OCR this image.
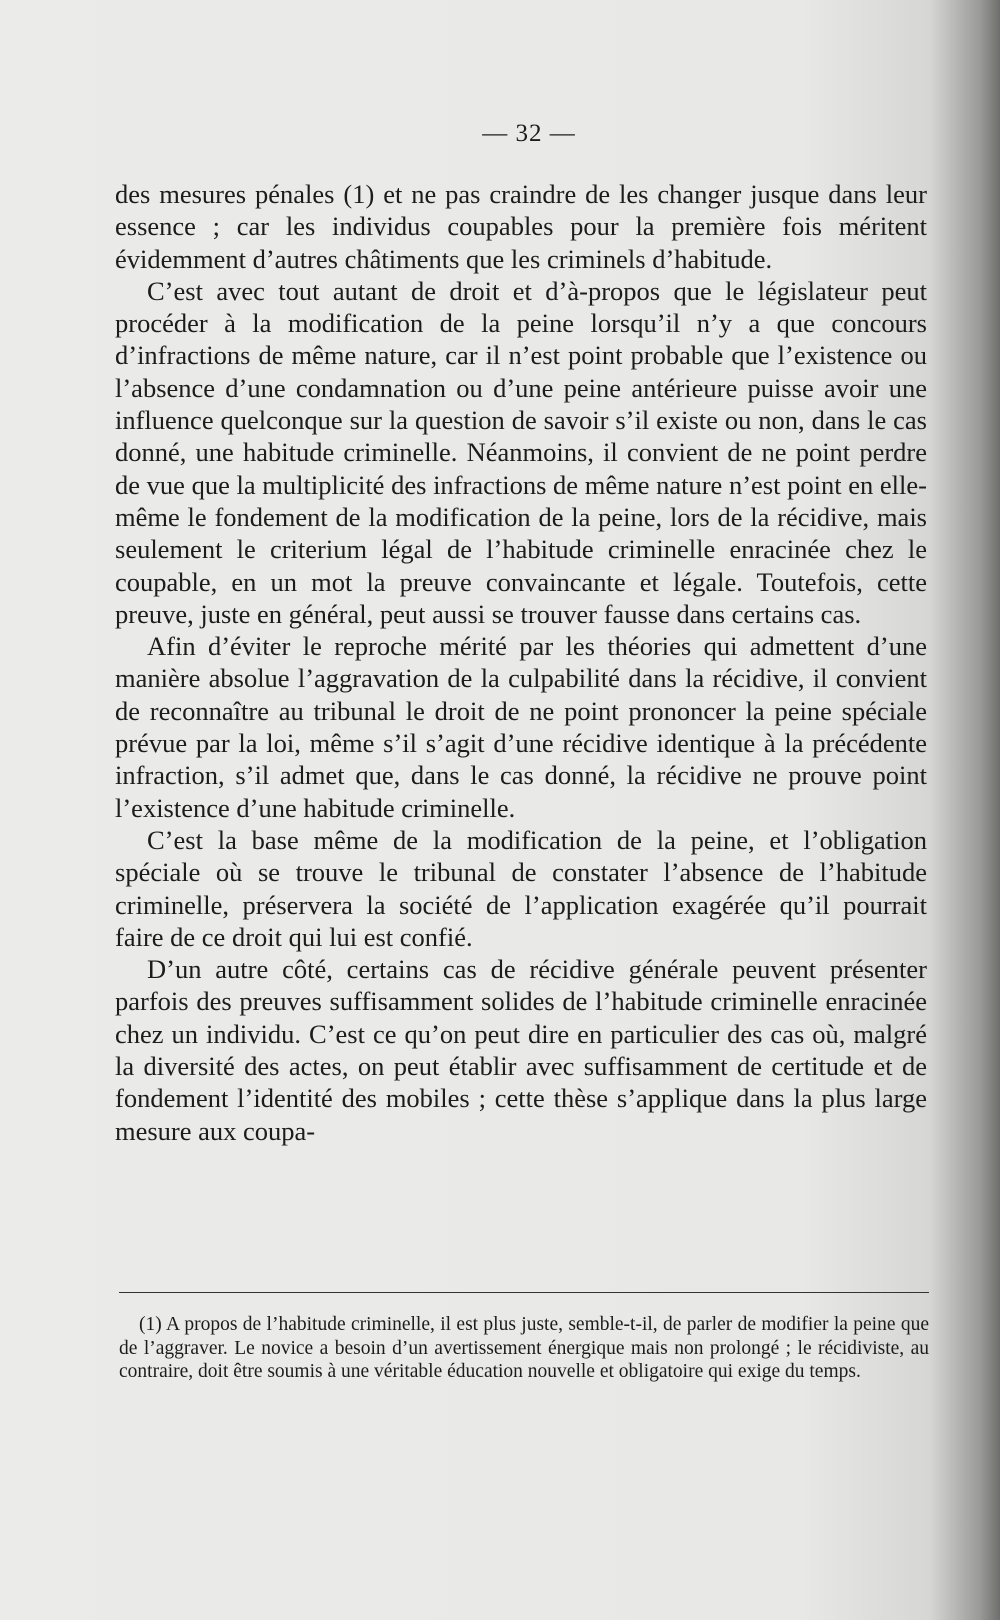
— 32 —

des mesures pénales (1) et ne pas craindre de les changer jusque dans leur essence ; car les individus coupables pour la première fois méritent évidemment d’autres châtiments que les criminels d’habitude.

C’est avec tout autant de droit et d’à-propos que le législateur peut procéder à la modification de la peine lorsqu’il n’y a que concours d’infractions de même nature, car il n’est point probable que l’existence ou l’absence d’une condamnation ou d’une peine antérieure puisse avoir une influence quelconque sur la question de savoir s’il existe ou non, dans le cas donné, une habitude criminelle. Néanmoins, il convient de ne point perdre de vue que la multiplicité des infractions de même nature n’est point en elle-même le fondement de la modification de la peine, lors de la récidive, mais seulement le criterium légal de l’habitude criminelle enracinée chez le coupable, en un mot la preuve convaincante et légale. Toutefois, cette preuve, juste en général, peut aussi se trouver fausse dans certains cas.

Afin d’éviter le reproche mérité par les théories qui admettent d’une manière absolue l’aggravation de la culpabilité dans la récidive, il convient de reconnaître au tribunal le droit de ne point prononcer la peine spéciale prévue par la loi, même s’il s’agit d’une récidive identique à la précédente infraction, s’il admet que, dans le cas donné, la récidive ne prouve point l’existence d’une habitude criminelle.

C’est la base même de la modification de la peine, et l’obligation spéciale où se trouve le tribunal de constater l’absence de l’habitude criminelle, préservera la société de l’application exagérée qu’il pourrait faire de ce droit qui lui est confié.

D’un autre côté, certains cas de récidive générale peuvent présenter parfois des preuves suffisamment solides de l’habitude criminelle enracinée chez un individu. C’est ce qu’on peut dire en particulier des cas où, malgré la diversité des actes, on peut établir avec suffisamment de certitude et de fondement l’identité des mobiles ; cette thèse s’applique dans la plus large mesure aux coupa-

(1) A propos de l’habitude criminelle, il est plus juste, semble-t-il, de parler de modifier la peine que de l’aggraver. Le novice a besoin d’un avertissement énergique mais non prolongé ; le récidiviste, au contraire, doit être soumis à une véritable éducation nouvelle et obligatoire qui exige du temps.
